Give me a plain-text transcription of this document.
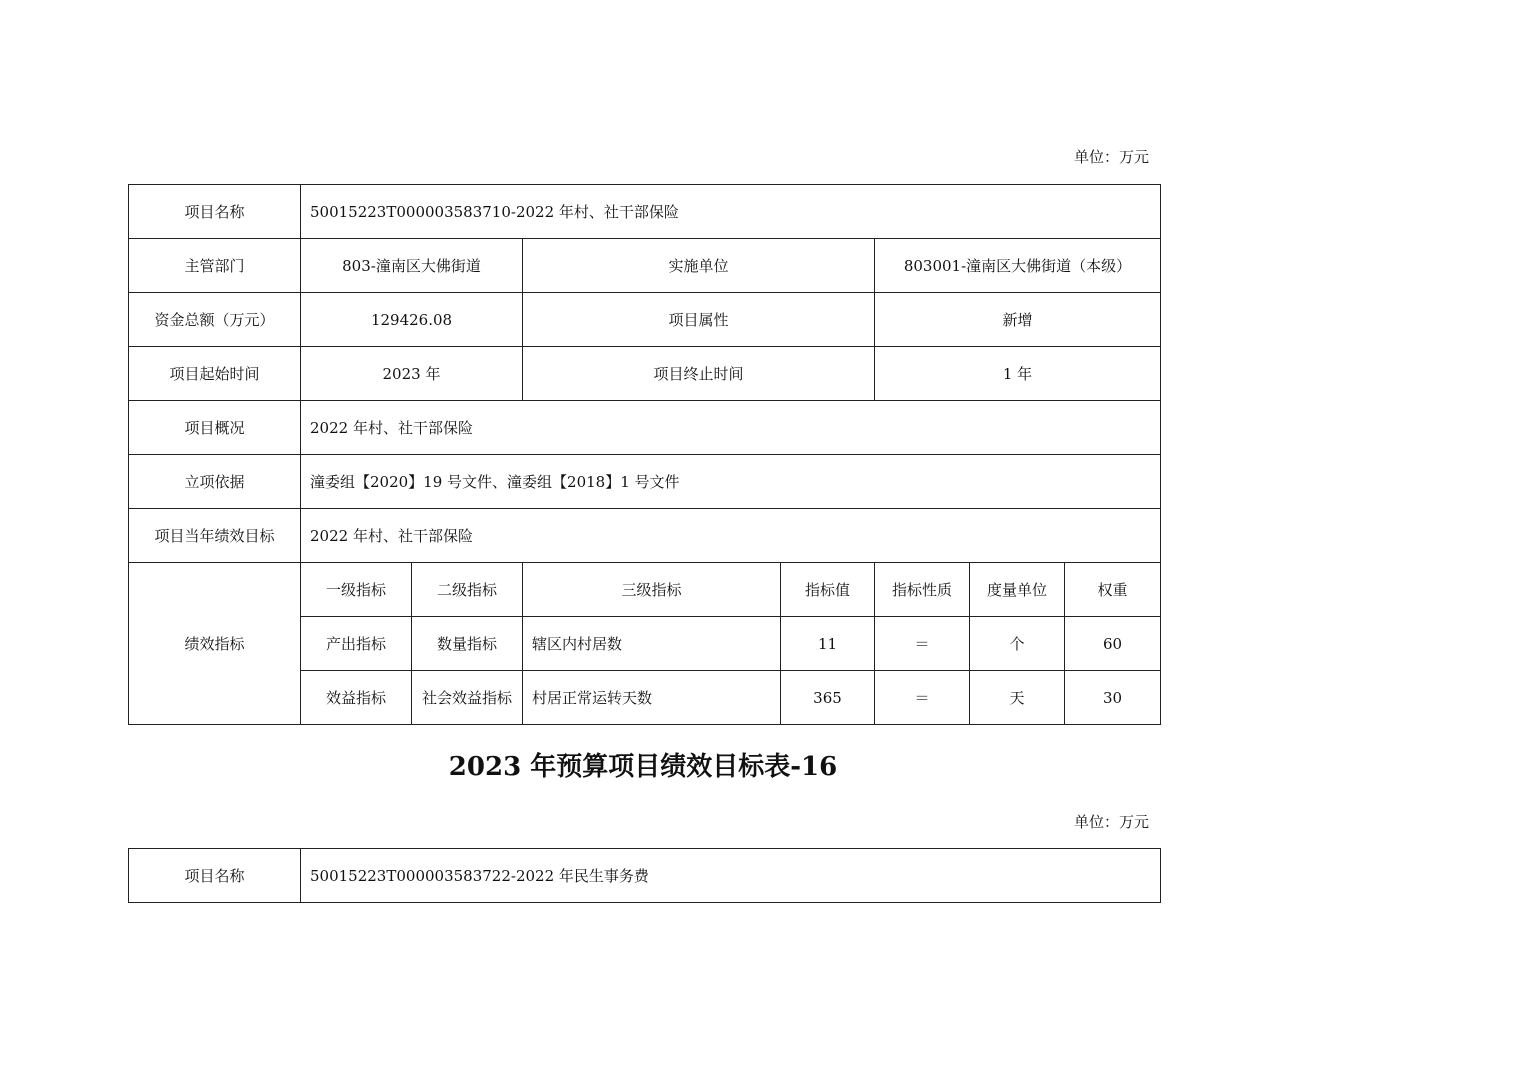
单位：万元
项目名称	50015223T000003583710-2022 年村、社干部保险						
主管部门	803-潼南区大佛街道		实施单位		803001-潼南区大佛街道（本级）		
资金总额（万元）	129426.08		项目属性		新增		
项目起始时间	2023 年		项目终止时间		1 年		
项目概况	2022 年村、社干部保险						
立项依据	潼委组【2020】19 号文件、潼委组【2018】1 号文件						
项目当年绩效目标	2022 年村、社干部保险						
绩效指标	一级指标	二级指标	三级指标	指标值	指标性质	度量单位	权重
	产出指标	数量指标	辖区内村居数	11	＝	个	60
	效益指标	社会效益指标	村居正常运转天数	365	＝	天	30
2023 年预算项目绩效目标表-16
单位：万元
项目名称	50015223T000003583722-2022 年民生事务费
